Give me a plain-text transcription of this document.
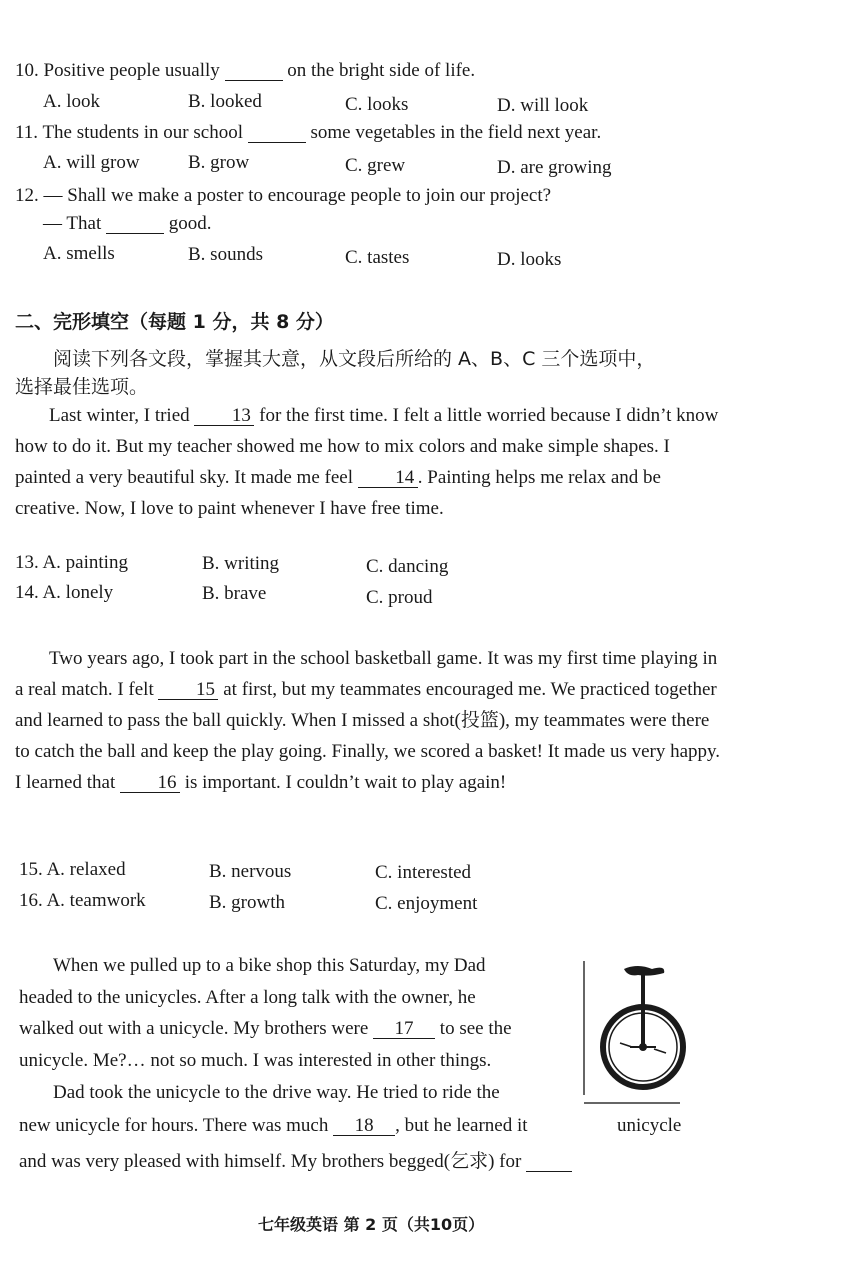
10. Positive people usually	on the bright side of life.
A. look	B. looked	C. looks	D. will look
11. The students in our school	some vegetables in the field next year.
A. will grow	B. grow	C. grew	D. are growing
12. — Shall we make a poster to encourage people to join our project?
— That	good.
A. smells	B. sounds	C. tastes	D. looks
二、完形填空（每题 1 分，共 8 分）
阅读下列各文段，掌握其大意，从文段后所给的 A、B、C 三个选项中，
选择最佳选项。
Last winter, I tried 13 for the first time. I felt a little worried because I didn’t know how to do it. But my teacher showed me how to mix colors and make simple shapes. I painted a very beautiful sky. It made me feel 14 . Painting helps me relax and be creative. Now, I love to paint whenever I have free time.
13. A. painting	B. writing	C. dancing
14. A. lonely	B. brave	C. proud
Two years ago, I took part in the school basketball game. It was my first time playing in a real match. I felt 15 at first, but my teammates encouraged me. We practiced together and learned to pass the ball quickly. When I missed a shot(投篮), my teammates were there to catch the ball and keep the play going. Finally, we scored a basket! It made us very happy. I learned that 16 is important. I couldn’t wait to play again!
15. A. relaxed	B. nervous	C. interested
16. A. teamwork	B. growth	C. enjoyment
When we pulled up to a bike shop this Saturday, my Dad
headed to the unicycles. After a long talk with the owner, he
walked out with a unicycle. My brothers were 17 to see the
unicycle. Me?… not so much. I was interested in other things.
Dad took the unicycle to the drive way. He tried to ride the
new unicycle for hours. There was much 18 , but he learned it
and was very pleased with himself. My brothers begged(乞求) for
unicycle
七年级英语 第 2 页（共10页）
